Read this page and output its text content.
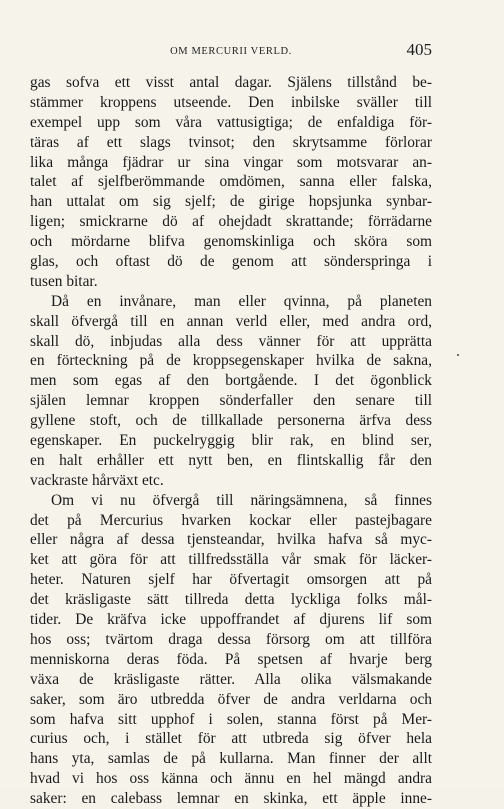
OM MERCURII VERLD.	405
gas sofva ett visst antal dagar. Själens tillstånd be-
stämmer kroppens utseende. Den inbilske sväller till
exempel upp som våra vattusigtiga; de enfaldiga för-
täras af ett slags tvinsot; den skrytsamme förlorar
lika många fjädrar ur sina vingar som motsvarar an-
talet af sjelfberömmande omdömen, sanna eller falska,
han uttalat om sig sjelf; de girige hopsjunka synbar-
ligen; smickrarne dö af ohejdadt skrattande; förrädarne
och mördarne blifva genomskinliga och sköra som
glas, och oftast dö de genom att sönderspringa i
tusen bitar.
Då en invånare, man eller qvinna, på planeten
skall öfvergå till en annan verld eller, med andra ord,
skall dö, inbjudas alla dess vänner för att upprätta
en förteckning på de kroppsegenskaper hvilka de sakna,
men som egas af den bortgående. I det ögonblick
själen lemnar kroppen sönderfaller den senare till
gyllene stoft, och de tillkallade personerna ärfva dess
egenskaper. En puckelryggig blir rak, en blind ser,
en halt erhåller ett nytt ben, en flintskallig får den
vackraste hårväxt etc.
Om vi nu öfvergå till näringsämnena, så finnes
det på Mercurius hvarken kockar eller pastejbagare
eller några af dessa tjensteandar, hvilka hafva så myc-
ket att göra för att tillfredsställa vår smak för läcker-
heter. Naturen sjelf har öfvertagit omsorgen att på
det kräsligaste sätt tillreda detta lyckliga folks mål-
tider. De kräfva icke uppoffrandet af djurens lif som
hos oss; tvärtom draga dessa försorg om att tillföra
menniskorna deras föda. På spetsen af hvarje berg
växa de kräsligaste rätter. Alla olika välsmakande
saker, som äro utbredda öfver de andra verldarna och
som hafva sitt upphof i solen, stanna först på Mer-
curius och, i stället för att utbreda sig öfver hela
hans yta, samlas de på kullarna. Man finner der allt
hvad vi hos oss känna och ännu en hel mängd andra
saker: en calebass lemnar en skinka, ett äpple inne-
